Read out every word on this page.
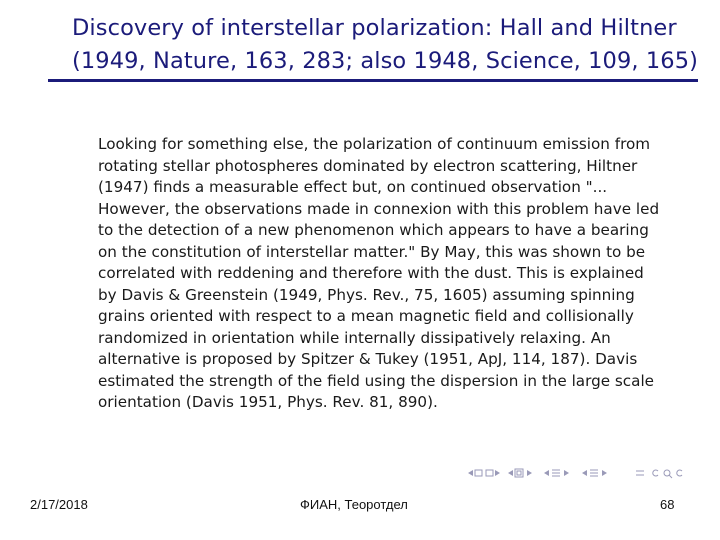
Discovery of interstellar polarization: Hall and Hiltner
(1949, Nature, 163, 283; also 1948, Science, 109, 165)
Looking for something else, the polarization of continuum emission from
rotating stellar photospheres dominated by electron scattering, Hiltner
(1947) finds a measurable effect but, on continued observation "...
However, the observations made in connexion with this problem have led
to the detection of a new phenomenon which appears to have a bearing
on the constitution of interstellar matter." By May, this was shown to be
correlated with reddening and therefore with the dust. This is explained
by Davis & Greenstein (1949, Phys. Rev., 75, 1605) assuming spinning
grains oriented with respect to a mean magnetic field and collisionally
randomized in orientation while internally dissipatively relaxing. An
alternative is proposed by Spitzer & Tukey (1951, ApJ, 114, 187). Davis
estimated the strength of the field using the dispersion in the large scale
orientation (Davis 1951, Phys. Rev. 81, 890).
2/17/2018	ФИАН, Теоротдел	68
